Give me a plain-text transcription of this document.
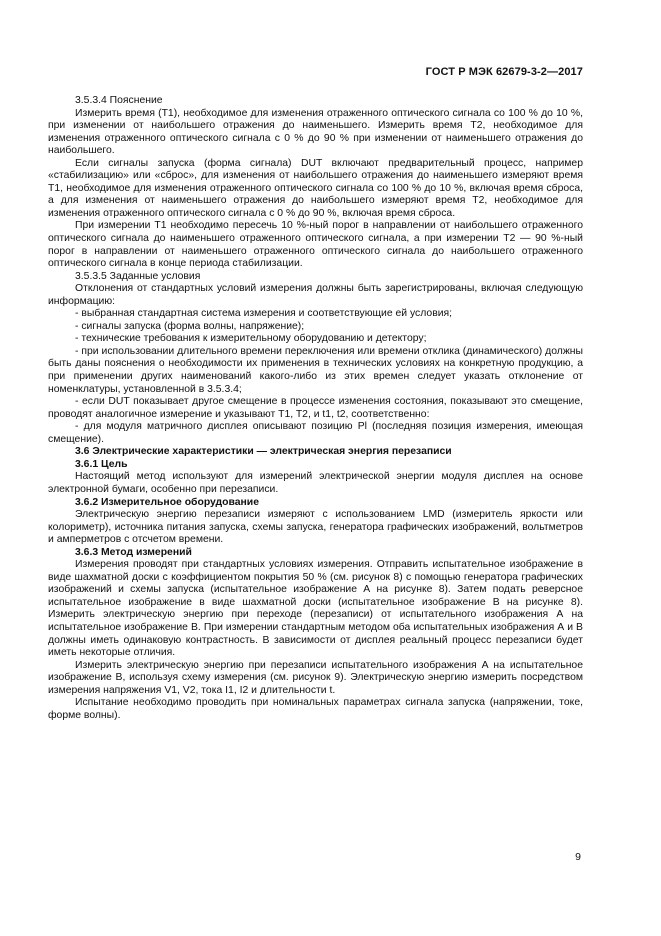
ГОСТ Р МЭК 62679-3-2—2017

3.5.3.4 Пояснение

Измерить время (T1), необходимое для изменения отраженного оптического сигнала со 100 % до 10 %, при изменении от наибольшего отражения до наименьшего. Измерить время T2, необходимое для изменения отраженного оптического сигнала с 0 % до 90 % при изменении от наименьшего отражения до наибольшего.

Если сигналы запуска (форма сигнала) DUT включают предварительный процесс, например «стабилизацию» или «сброс», для изменения от наибольшего отражения до наименьшего измеряют время T1, необходимое для изменения отраженного оптического сигнала со 100 % до 10 %, включая время сброса, а для изменения от наименьшего отражения до наибольшего измеряют время T2, необходимое для изменения отраженного оптического сигнала с 0 % до 90 %, включая время сброса.

При измерении T1 необходимо пересечь 10 %-ный порог в направлении от наибольшего отраженного оптического сигнала до наименьшего отраженного оптического сигнала, а при измерении T2 — 90 %-ный порог в направлении от наименьшего отраженного оптического сигнала до наибольшего отраженного оптического сигнала в конце периода стабилизации.

3.5.3.5 Заданные условия

Отклонения от стандартных условий измерения должны быть зарегистрированы, включая следующую информацию:

- выбранная стандартная система измерения и соответствующие ей условия;

- сигналы запуска (форма волны, напряжение);

- технические требования к измерительному оборудованию и детектору;

- при использовании длительного времени переключения или времени отклика (динамического) должны быть даны пояснения о необходимости их применения в технических условиях на конкретную продукцию, а при применении других наименований какого-либо из этих времен следует указать отклонение от номенклатуры, установленной в 3.5.3.4;

- если DUT показывает другое смещение в процессе изменения состояния, показывают это смещение, проводят аналогичное измерение и указывают T1, T2, и t1, t2, соответственно:

- для модуля матричного дисплея описывают позицию Pl (последняя позиция измерения, имеющая смещение).

3.6 Электрические характеристики — электрическая энергия перезаписи

3.6.1 Цель

Настоящий метод используют для измерений электрической энергии модуля дисплея на основе электронной бумаги, особенно при перезаписи.

3.6.2 Измерительное оборудование

Электрическую энергию перезаписи измеряют с использованием LMD (измеритель яркости или колориметр), источника питания запуска, схемы запуска, генератора графических изображений, вольтметров и амперметров с отсчетом времени.

3.6.3 Метод измерений

Измерения проводят при стандартных условиях измерения. Отправить испытательное изображение в виде шахматной доски с коэффициентом покрытия 50 % (см. рисунок 8) с помощью генератора графических изображений и схемы запуска (испытательное изображение А на рисунке 8). Затем подать реверсное испытательное изображение в виде шахматной доски (испытательное изображение В на рисунке 8). Измерить электрическую энергию при переходе (перезаписи) от испытательного изображения А на испытательное изображение В. При измерении стандартным методом оба испытательных изображения А и В должны иметь одинаковую контрастность. В зависимости от дисплея реальный процесс перезаписи будет иметь некоторые отличия.

Измерить электрическую энергию при перезаписи испытательного изображения А на испытательное изображение В, используя схему измерения (см. рисунок 9). Электрическую энергию измерить посредством измерения напряжения V1, V2, тока I1, I2 и длительности t.

Испытание необходимо проводить при номинальных параметрах сигнала запуска (напряжении, токе, форме волны).

9
